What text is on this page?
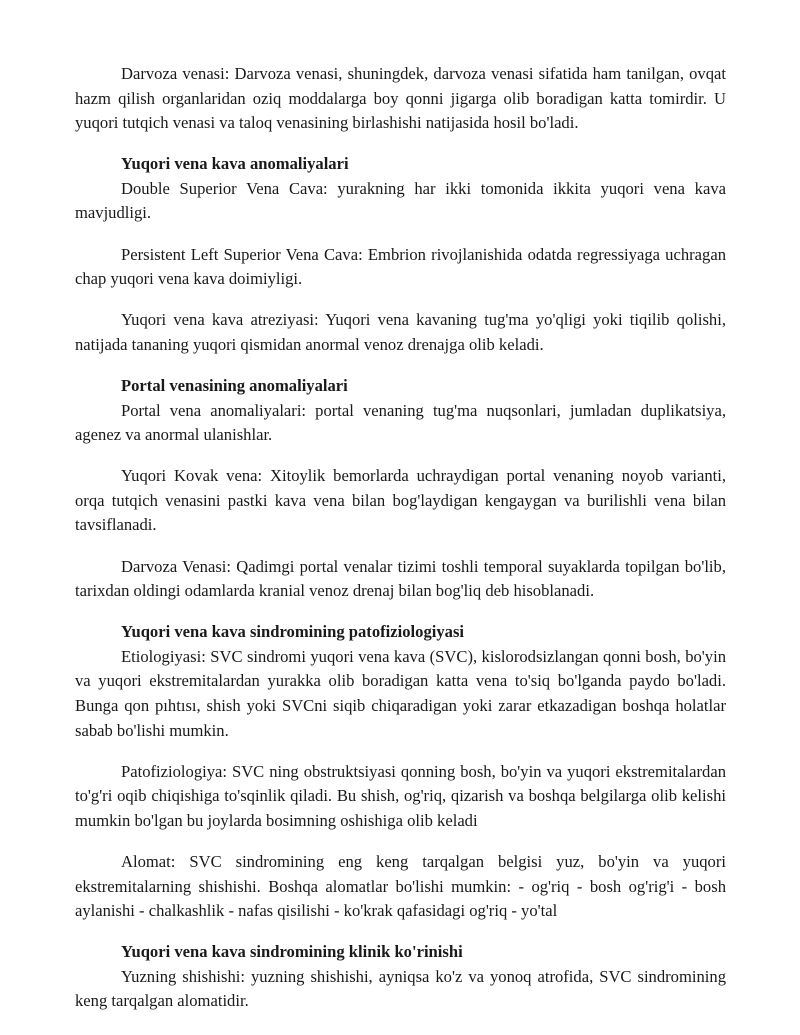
Darvoza venasi: Darvoza venasi, shuningdek, darvoza venasi sifatida ham tanilgan, ovqat hazm qilish organlaridan oziq moddalarga boy qonni jigarga olib boradigan katta tomirdir. U yuqori tutqich venasi va taloq venasining birlashishi natijasida hosil bo'ladi.

Yuqori vena kava anomaliyalari

Double Superior Vena Cava: yurakning har ikki tomonida ikkita yuqori vena kava mavjudligi.

Persistent Left Superior Vena Cava: Embrion rivojlanishida odatda regressiyaga uchragan chap yuqori vena kava doimiyligi.

Yuqori vena kava atreziyasi: Yuqori vena kavaning tug'ma yo'qligi yoki tiqilib qolishi, natijada tananing yuqori qismidan anormal venoz drenajga olib keladi.

Portal venasining anomaliyalari

Portal vena anomaliyalari: portal venaning tug'ma nuqsonlari, jumladan duplikatsiya, agenez va anormal ulanishlar.

Yuqori Kovak vena: Xitoylik bemorlarda uchraydigan portal venaning noyob varianti, orqa tutqich venasini pastki kava vena bilan bog'laydigan kengaygan va burilishli vena bilan tavsiflanadi.

Darvoza Venasi: Qadimgi portal venalar tizimi toshli temporal suyaklarda topilgan bo'lib, tarixdan oldingi odamlarda kranial venoz drenaj bilan bog'liq deb hisoblanadi.

Yuqori vena kava sindromining patofiziologiyasi

Etiologiyasi: SVC sindromi yuqori vena kava (SVC), kislorodsizlangan qonni bosh, bo'yin va yuqori ekstremitalardan yurakka olib boradigan katta vena to'siq bo'lganda paydo bo'ladi. Bunga qon pıhtısı, shish yoki SVCni siqib chiqaradigan yoki zarar etkazadigan boshqa holatlar sabab bo'lishi mumkin.

Patofiziologiya: SVC ning obstruktsiyasi qonning bosh, bo'yin va yuqori ekstremitalardan to'g'ri oqib chiqishiga to'sqinlik qiladi. Bu shish, og'riq, qizarish va boshqa belgilarga olib kelishi mumkin bo'lgan bu joylarda bosimning oshishiga olib keladi

Alomat: SVC sindromining eng keng tarqalgan belgisi yuz, bo'yin va yuqori ekstremitalarning shishishi. Boshqa alomatlar bo'lishi mumkin: - og'riq - bosh og'rig'i - bosh aylanishi - chalkashlik - nafas qisilishi - ko'krak qafasidagi og'riq - yo'tal

Yuqori vena kava sindromining klinik ko'rinishi

Yuzning shishishi: yuzning shishishi, ayniqsa ko'z va yonoq atrofida, SVC sindromining keng tarqalgan alomatidir.
